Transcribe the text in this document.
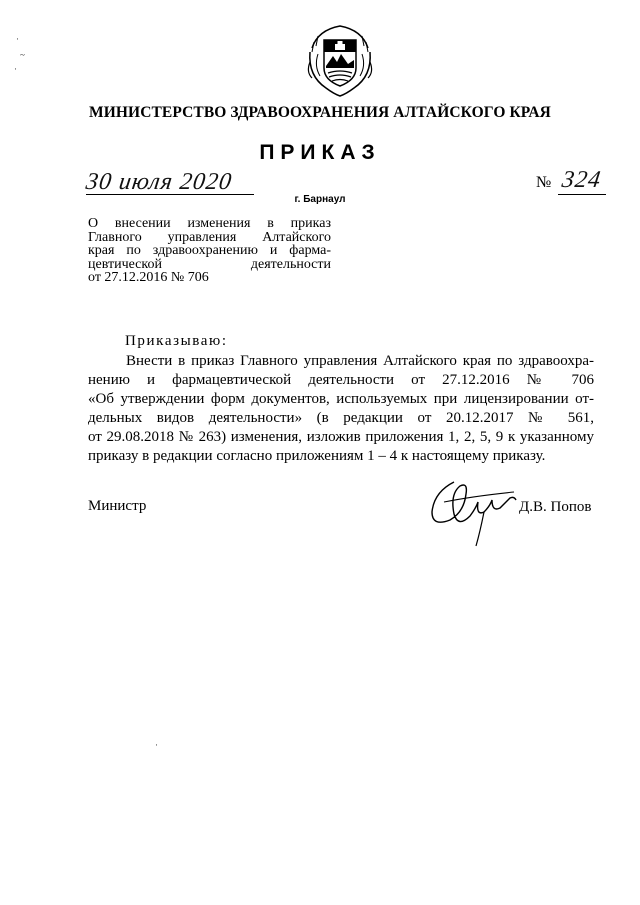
МИНИСТЕРСТВО ЗДРАВООХРАНЕНИЯ АЛТАЙСКОГО КРАЯ
ПРИКАЗ
30 июля 2020	№ 324
г. Барнаул
О внесении изменения в приказ
Главного управления Алтайского
края по здравоохранению и фарма-
цевтической деятельности
от 27.12.2016 № 706
Приказываю:
Внести в приказ Главного управления Алтайского края по здравоохра-
нению и фармацевтической деятельности от 27.12.2016 № 706
«Об утверждении форм документов, используемых при лицензировании от-
дельных видов деятельности» (в редакции от 20.12.2017 № 561,
от 29.08.2018 № 263) изменения, изложив приложения 1, 2, 5, 9 к указанному
приказу в редакции согласно приложениям 1 – 4 к настоящему приказу.
Министр	Д.В. Попов
·
~
·
·
